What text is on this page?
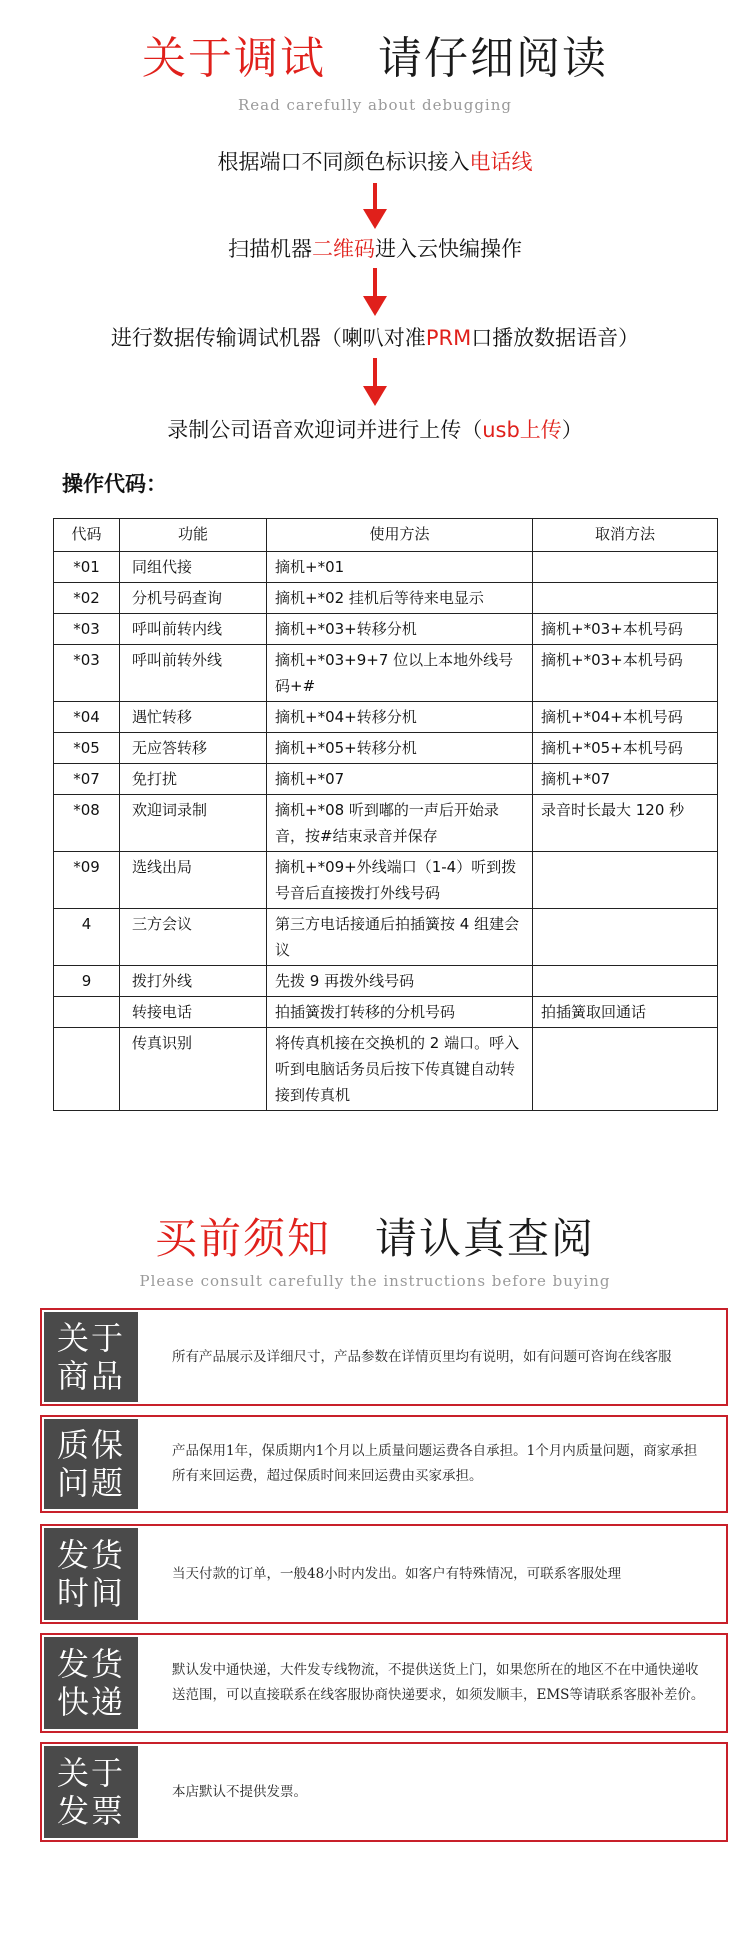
关于调试 请仔细阅读
Read carefully about debugging
根据端口不同颜色标识接入电话线
扫描机器二维码进入云快编操作
进行数据传输调试机器（喇叭对准PRM口播放数据语音）
录制公司语音欢迎词并进行上传（usb上传）
操作代码：
代码	功能	使用方法	取消方法
*01	同组代接	摘机+*01	
*02	分机号码查询	摘机+*02 挂机后等待来电显示	
*03	呼叫前转内线	摘机+*03+转移分机	摘机+*03+本机号码
*03	呼叫前转外线	摘机+*03+9+7 位以上本地外线号码+#	摘机+*03+本机号码
*04	遇忙转移	摘机+*04+转移分机	摘机+*04+本机号码
*05	无应答转移	摘机+*05+转移分机	摘机+*05+本机号码
*07	免打扰	摘机+*07	摘机+*07
*08	欢迎词录制	摘机+*08 听到嘟的一声后开始录音，按#结束录音并保存	录音时长最大 120 秒
*09	选线出局	摘机+*09+外线端口（1-4）听到拨号音后直接拨打外线号码	
4	三方会议	第三方电话接通后拍插簧按 4 组建会议	
9	拨打外线	先拨 9 再拨外线号码	
	转接电话	拍插簧拨打转移的分机号码	拍插簧取回通话
	传真识别	将传真机接在交换机的 2 端口。呼入听到电脑话务员后按下传真键自动转接到传真机	
买前须知 请认真查阅
Please consult carefully the instructions before buying
关于
商品
所有产品展示及详细尺寸，产品参数在详情页里均有说明，如有问题可咨询在线客服
质保
问题
产品保用1年，保质期内1个月以上质量问题运费各自承担。1个月内质量问题，商家承担所有来回运费，超过保质时间来回运费由买家承担。
发货
时间
当天付款的订单，一般48小时内发出。如客户有特殊情况，可联系客服处理
发货
快递
默认发中通快递，大件发专线物流，不提供送货上门，如果您所在的地区不在中通快递收送范围，可以直接联系在线客服协商快递要求，如须发顺丰，EMS等请联系客服补差价。
关于
发票
本店默认不提供发票。
